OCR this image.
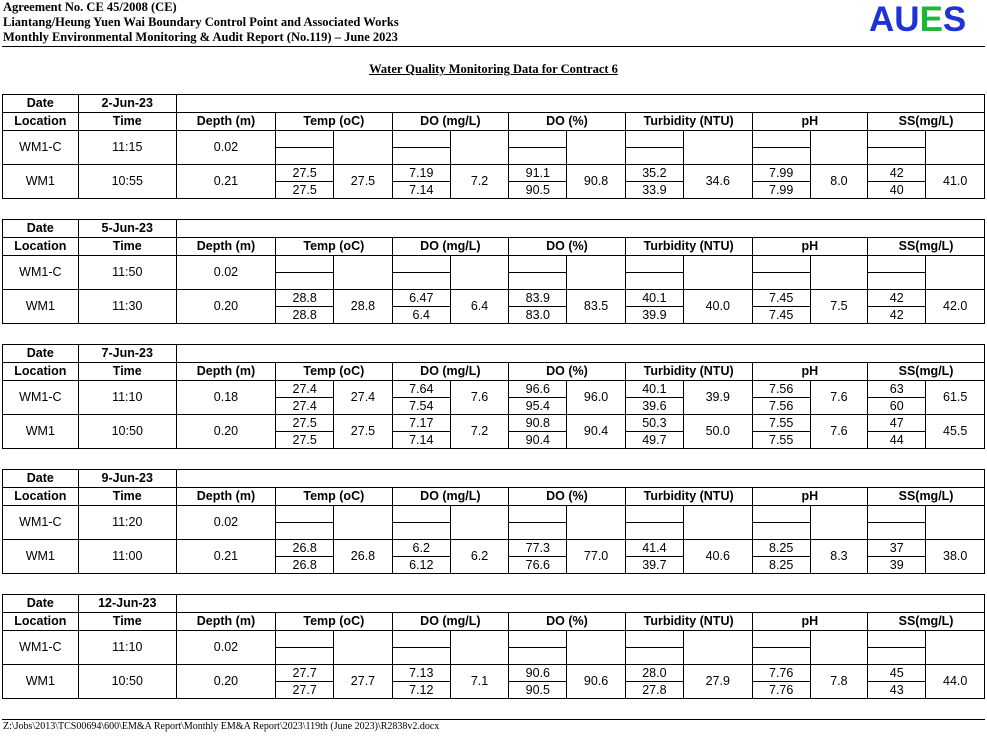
Agreement No. CE 45/2008 (CE)
Liantang/Heung Yuen Wai Boundary Control Point and Associated Works
Monthly Environmental Monitoring & Audit Report (No.119) – June 2023	AUES
Water Quality Monitoring Data for Contract 6
Date	2-Jun-23													
Location	Time	Depth (m)	Temp (oC)		DO (mg/L)		DO (%)		Turbidity (NTU)		pH		SS(mg/L)	
WM1-C	11:15	0.02												

WM1	10:55	0.21	27.5	27.5	7.19	7.2	91.1	90.8	35.2	34.6	7.99	8.0	42	41.0
			27.5		7.14		90.5		33.9		7.99		40	
Date	5-Jun-23													
Location	Time	Depth (m)	Temp (oC)		DO (mg/L)		DO (%)		Turbidity (NTU)		pH		SS(mg/L)	
WM1-C	11:50	0.02												

WM1	11:30	0.20	28.8	28.8	6.47	6.4	83.9	83.5	40.1	40.0	7.45	7.5	42	42.0
			28.8		6.4		83.0		39.9		7.45		42	
Date	7-Jun-23													
Location	Time	Depth (m)	Temp (oC)		DO (mg/L)		DO (%)		Turbidity (NTU)		pH		SS(mg/L)	
WM1-C	11:10	0.18	27.4	27.4	7.64	7.6	96.6	96.0	40.1	39.9	7.56	7.6	63	61.5
			27.4		7.54		95.4		39.6		7.56		60	
WM1	10:50	0.20	27.5	27.5	7.17	7.2	90.8	90.4	50.3	50.0	7.55	7.6	47	45.5
			27.5		7.14		90.4		49.7		7.55		44	
Date	9-Jun-23													
Location	Time	Depth (m)	Temp (oC)		DO (mg/L)		DO (%)		Turbidity (NTU)		pH		SS(mg/L)	
WM1-C	11:20	0.02												

WM1	11:00	0.21	26.8	26.8	6.2	6.2	77.3	77.0	41.4	40.6	8.25	8.3	37	38.0
			26.8		6.12		76.6		39.7		8.25		39	
Date	12-Jun-23													
Location	Time	Depth (m)	Temp (oC)		DO (mg/L)		DO (%)		Turbidity (NTU)		pH		SS(mg/L)	
WM1-C	11:10	0.02												

WM1	10:50	0.20	27.7	27.7	7.13	7.1	90.6	90.6	28.0	27.9	7.76	7.8	45	44.0
			27.7		7.12		90.5		27.8		7.76		43	
Z:\Jobs\2013\TCS00694\600\EM&A Report\Monthly EM&A Report\2023\119th (June 2023)\R2838v2.docx
